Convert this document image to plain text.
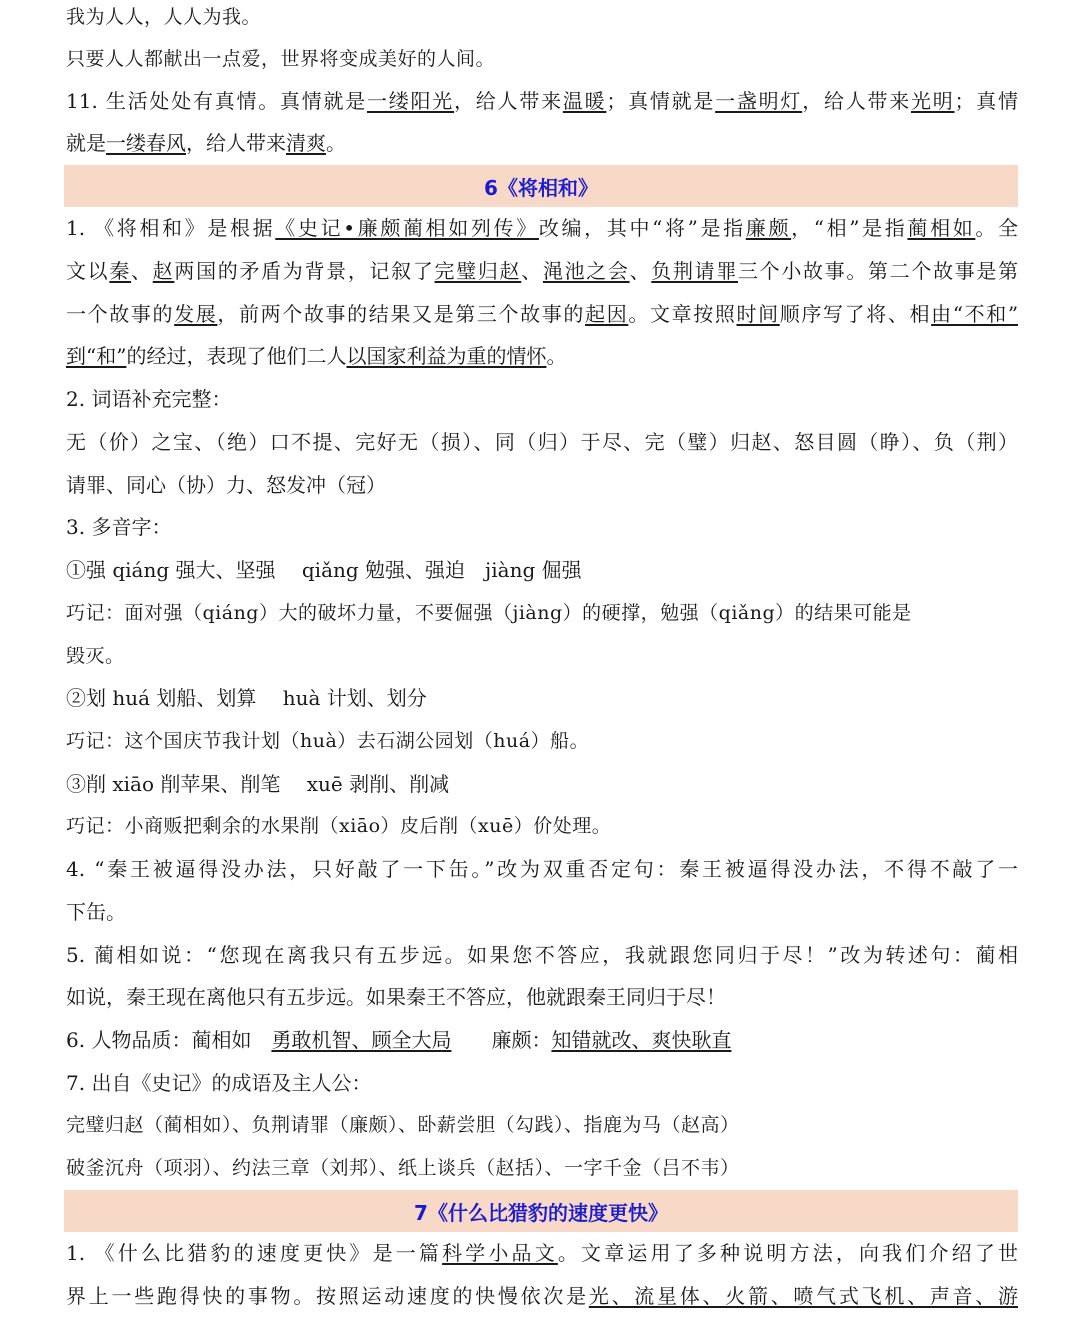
我为人人，人人为我。
只要人人都献出一点爱，世界将变成美好的人间。
11. 生活处处有真情。真情就是一缕阳光，给人带来温暖；真情就是一盏明灯，给人带来光明；真情
就是一缕春风，给人带来清爽。
6《将相和》
1. 《将相和》是根据《史记•廉颇蔺相如列传》改编，其中“将”是指廉颇，“相”是指蔺相如。全
文以秦、赵两国的矛盾为背景，记叙了完璧归赵、渑池之会、负荆请罪三个小故事。第二个故事是第
一个故事的发展，前两个故事的结果又是第三个故事的起因。文章按照时间顺序写了将、相由“不和”
到“和”的经过，表现了他们二人以国家利益为重的情怀。
2. 词语补充完整：
无（价）之宝、（绝）口不提、完好无（损）、同（归）于尽、完（璧）归赵、怒目圆（睁）、负（荆）
请罪、同心（协）力、怒发冲（冠）
3. 多音字：
①强 qiáng 强大、坚强　 qiǎng 勉强、强迫　jiàng 倔强
巧记：面对强（qiáng）大的破坏力量，不要倔强（jiàng）的硬撑，勉强（qiǎng）的结果可能是
毁灭。
②划 huá 划船、划算　 huà 计划、划分
巧记：这个国庆节我计划（huà）去石湖公园划（huá）船。
③削 xiāo 削苹果、削笔　 xuē 剥削、削减
巧记：小商贩把剩余的水果削（xiāo）皮后削（xuē）价处理。
4. “秦王被逼得没办法，只好敲了一下缶。”改为双重否定句：秦王被逼得没办法，不得不敲了一
下缶。
5. 蔺相如说：“您现在离我只有五步远。如果您不答应，我就跟您同归于尽！”改为转述句：蔺相
如说，秦王现在离他只有五步远。如果秦王不答应，他就跟秦王同归于尽！
6. 人物品质：蔺相如　勇敢机智、顾全大局　　廉颇：知错就改、爽快耿直
7. 出自《史记》的成语及主人公：
完璧归赵（蔺相如）、负荆请罪（廉颇）、卧薪尝胆（勾践）、指鹿为马（赵高）
破釜沉舟（项羽）、约法三章（刘邦）、纸上谈兵（赵括）、一字千金（吕不韦）
7《什么比猎豹的速度更快》
1. 《什么比猎豹的速度更快》是一篇科学小品文。文章运用了多种说明方法，向我们介绍了世
界上一些跑得快的事物。按照运动速度的快慢依次是光、流星体、火箭、喷气式飞机、声音、游
